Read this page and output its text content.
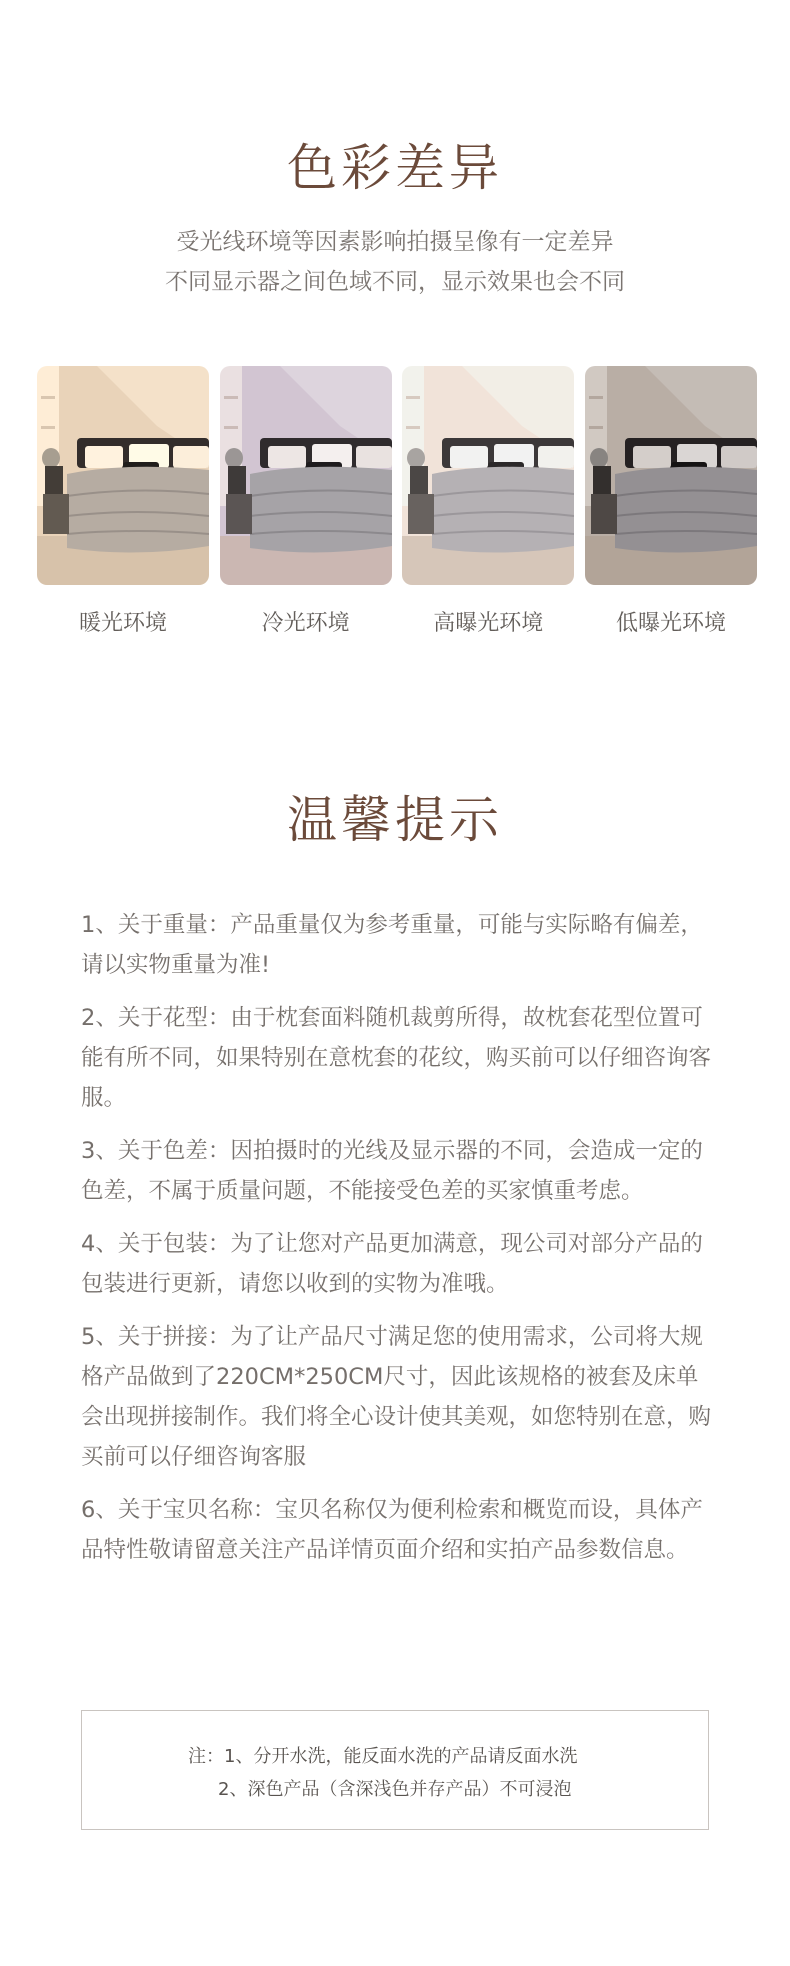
色彩差异

受光线环境等因素影响拍摄呈像有一定差异

不同显示器之间色域不同，显示效果也会不同

暖光环境	冷光环境	高曝光环境	低曝光环境
温馨提示

1、关于重量：产品重量仅为参考重量，可能与实际略有偏差，请以实物重量为准!

2、关于花型：由于枕套面料随机裁剪所得，故枕套花型位置可能有所不同，如果特别在意枕套的花纹，购买前可以仔细咨询客服。

3、关于色差：因拍摄时的光线及显示器的不同，会造成一定的色差，不属于质量问题，不能接受色差的买家慎重考虑。

4、关于包装：为了让您对产品更加满意，现公司对部分产品的包装进行更新，请您以收到的实物为准哦。

5、关于拼接：为了让产品尺寸满足您的使用需求，公司将大规格产品做到了220CM*250CM尺寸，因此该规格的被套及床单会出现拼接制作。我们将全心设计使其美观，如您特别在意，购买前可以仔细咨询客服

6、关于宝贝名称：宝贝名称仅为便利检索和概览而设，具体产品特性敬请留意关注产品详情页面介绍和实拍产品参数信息。

注：1、分开水洗，能反面水洗的产品请反面水洗
2、深色产品（含深浅色并存产品）不可浸泡
